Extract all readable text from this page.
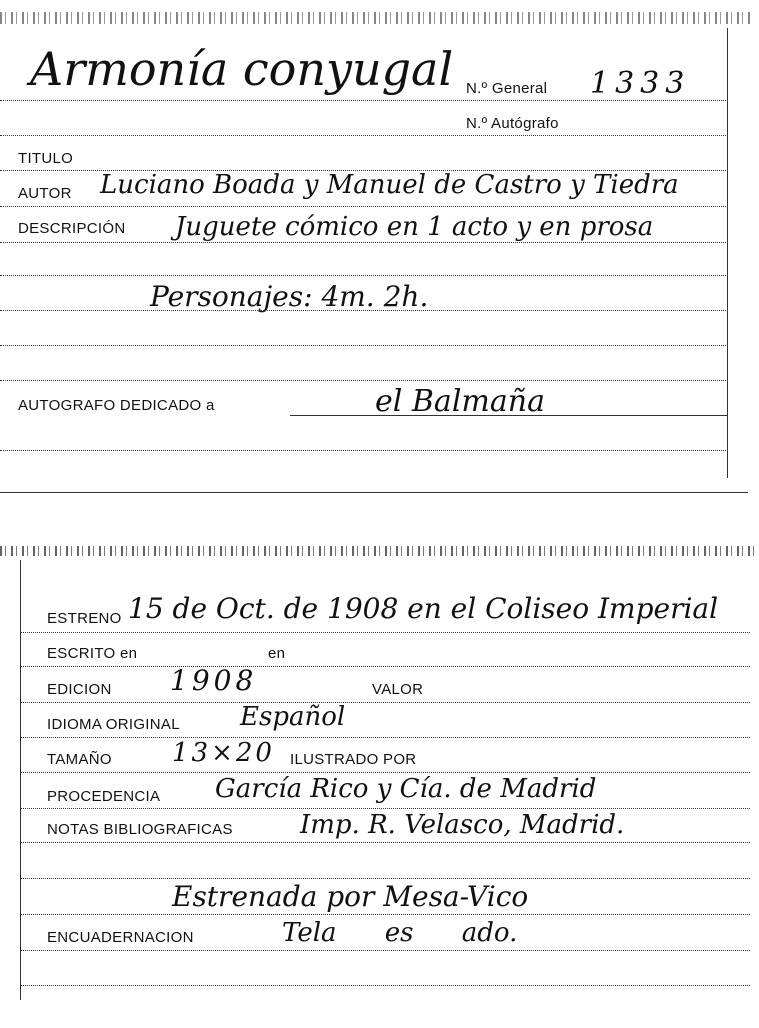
Armonía conyugal N.º General 1333
N.º Autógrafo
TITULO
AUTOR Luciano Boada y Manuel de Castro y Tiedra
DESCRIPCIÓN Juguete cómico en 1 acto y en prosa
Personajes: 4m. 2h.
AUTOGRAFO DEDICADO a	el Balmaña
ESTRENO 15 de Oct. de 1908 en el Coliseo Imperial
ESCRITO en	en
EDICION 1908	VALOR
IDIOMA ORIGINAL Español
TAMAÑO 13×20 ILUSTRADO POR
PROCEDENCIA García Rico y Cía. de Madrid
NOTAS BIBLIOGRAFICAS	Imp. R. Velasco, Madrid.
Estrenada por Mesa-Vico
ENCUADERNACION	Tela es ado.
